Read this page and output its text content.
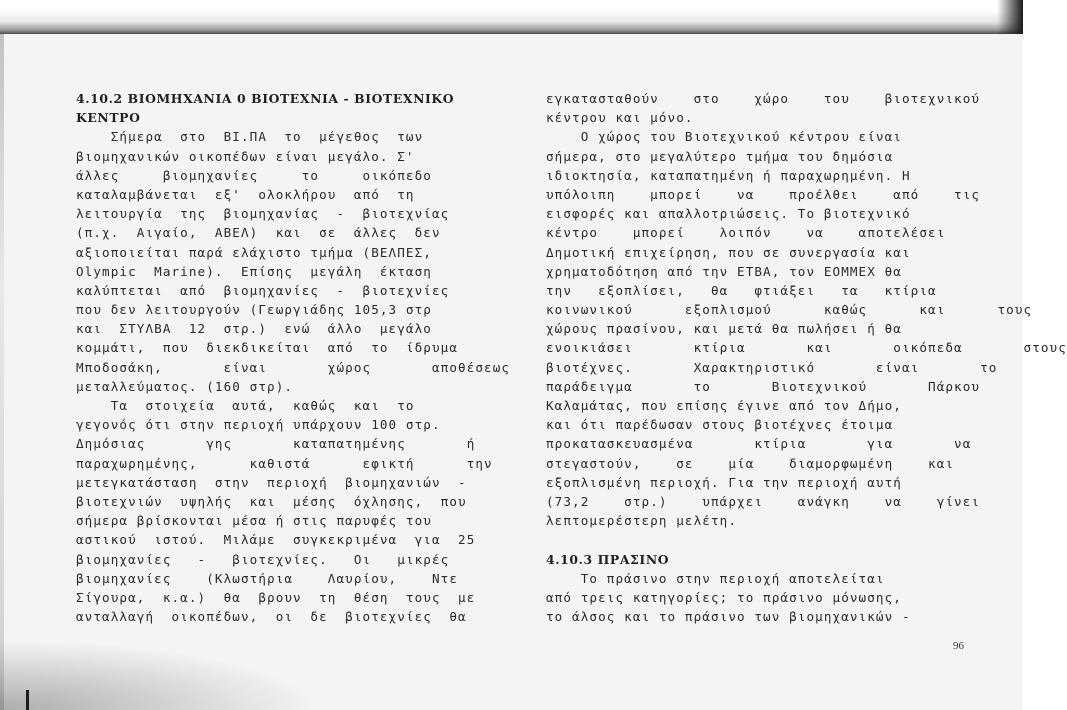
4.10.2 ΒΙΟΜΗΧΑΝΙΑ 0 ΒΙΟΤΕΧΝΙΑ - ΒΙΟΤΕΧΝΙΚΟ
ΚΕΝΤΡΟ
Σήμερα  στο  ΒΙ.ΠΑ  το  μέγεθος  των
βιομηχανικών οικοπέδων είναι μεγάλο. Σ'
άλλες     βιομηχανίες     το     οικόπεδο
καταλαμβάνεται  εξ'  ολοκλήρου  από  τη
λειτουργία  της  βιομηχανίας  -  βιοτεχνίας
(π.χ.  Αιγαίο,  ΑΒΕΛ)  και  σε  άλλες  δεν
αξιοποιείται παρά ελάχιστο τμήμα (ΒΕΛΠΕΣ,
Olympic  Marine).  Επίσης  μεγάλη  έκταση
καλύπτεται  από  βιομηχανίες  -  βιοτεχνίες
που δεν λειτουργούν (Γεωργιάδης 105,3 στρ
και  ΣΤΥΛΒΑ  12  στρ.)  ενώ  άλλο  μεγάλο
κομμάτι,  που  διεκδικείται  από  το  ίδρυμα
Μποδοσάκη,       είναι       χώρος       αποθέσεως
μεταλλεύματος. (160 στρ).
Τα  στοιχεία  αυτά,  καθώς  και  το
γεγονός ότι στην περιοχή υπάρχουν 100 στρ.
Δημόσιας       γης       καταπατημένης       ή
παραχωρημένης,      καθιστά      εφικτή      την
μετεγκατάσταση  στην  περιοχή  βιομηχανιών  -
βιοτεχνιών  υψηλής  και  μέσης  όχλησης,  που
σήμερα βρίσκονται μέσα ή στις παρυφές του
αστικού  ιστού.  Μιλάμε  συγκεκριμένα  για  25
βιομηχανίες   -   βιοτεχνίες.   Οι   μικρές
βιομηχανίες    (Κλωστήρια    Λαυρίου,    Ντε
Σίγουρα,  κ.α.)  θα  βρουν  τη  θέση  τους  με
ανταλλαγή  οικοπέδων,  οι  δε  βιοτεχνίες  θα
εγκατασταθούν    στο    χώρο    του    βιοτεχνικού
κέντρου και μόνο.
Ο χώρος του Βιοτεχνικού κέντρου είναι
σήμερα, στο μεγαλύτερο τμήμα του δημόσια
ιδιοκτησία, καταπατημένη ή παραχωρημένη. Η
υπόλοιπη    μπορεί    να    προέλθει    από    τις
εισφορές και απαλλοτριώσεις. Το βιοτεχνικό
κέντρο    μπορεί    λοιπόν    να    αποτελέσει
Δημοτική επιχείρηση, που σε συνεργασία και
χρηματοδότηση από την ΕΤΒΑ, τον ΕΟΜΜΕΧ θα
την   εξοπλίσει,   θα   φτιάξει   τα   κτίρια
κοινωνικού      εξοπλισμού      καθώς      και      τους
χώρους πρασίνου, και μετά θα πωλήσει ή θα
ενοικιάσει       κτίρια       και       οικόπεδα       στους
βιοτέχνες.       Χαρακτηριστικό       είναι       το
παράδειγμα       το       Βιοτεχνικού       Πάρκου
Καλαμάτας, που επίσης έγινε από τον Δήμο,
και ότι παρέδωσαν στους βιοτέχνες έτοιμα
προκατασκευασμένα       κτίρια       για       να
στεγαστούν,    σε    μία    διαμορφωμένη    και
εξοπλισμένη περιοχή. Για την περιοχή αυτή
(73,2    στρ.)    υπάρχει    ανάγκη    να    γίνει
λεπτομερέστερη μελέτη.
4.10.3 ΠΡΑΣΙΝΟ
Το πράσινο στην περιοχή αποτελείται
από τρεις κατηγορίες; το πράσινο μόνωσης,
το άλσος και το πράσινο των βιομηχανικών -
96
